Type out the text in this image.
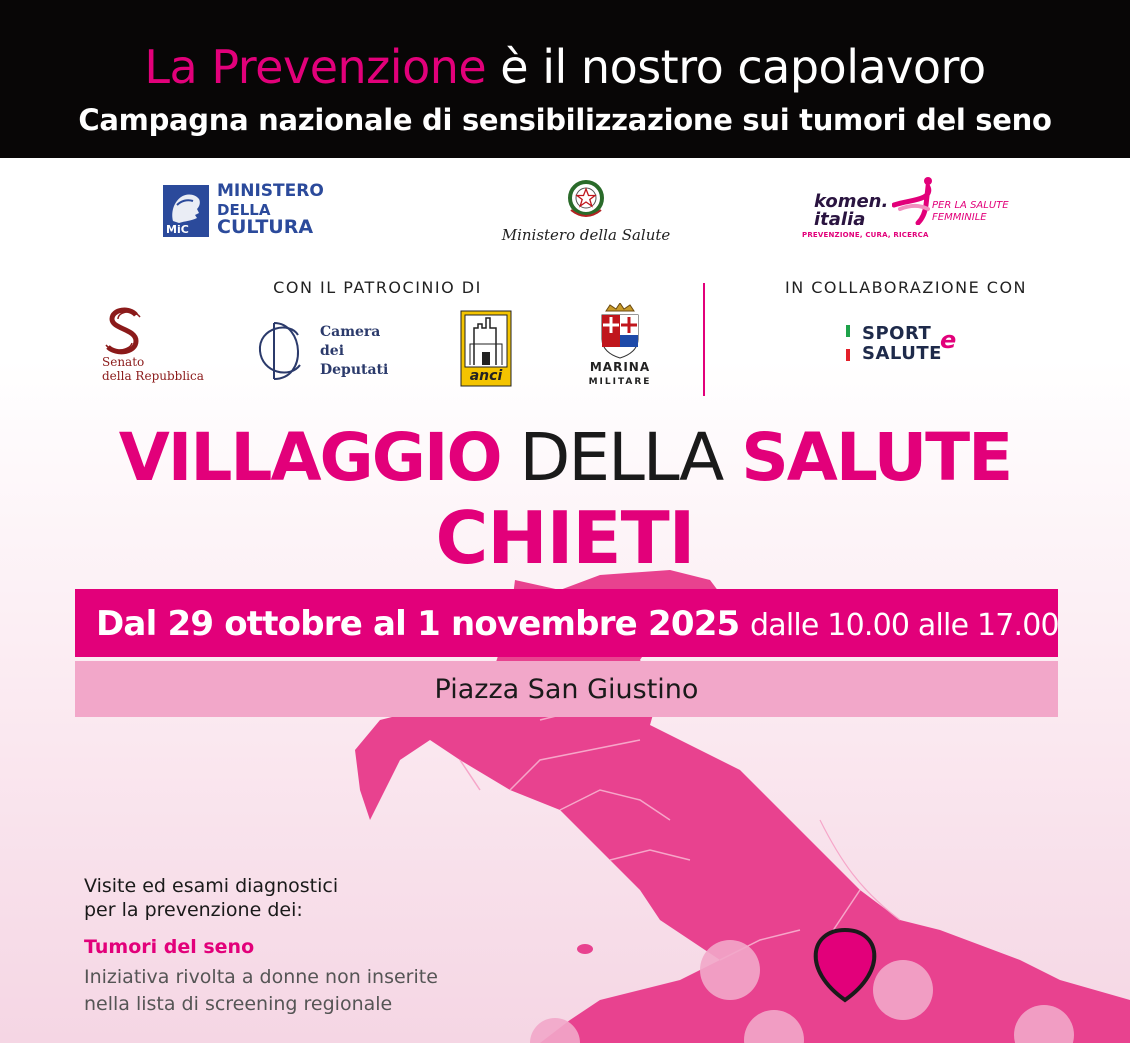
La Prevenzione è il nostro capolavoro
Campagna nazionale di sensibilizzazione sui tumori del seno
MiC
MINISTERO
DELLA
CULTURA	Ministero della Salute
komen.
italia
PER LA SALUTE
FEMMINILE
PREVENZIONE, CURA, RICERCA
CON IL PATROCINIO DI	IN COLLABORAZIONE CON
Senato
della Repubblica
Camera
dei
Deputati	anci
MARINA
MILITARE
SPORT
SALUTE
e
VILLAGGIO DELLA SALUTE
CHIETI
Dal 29 ottobre al 1 novembre 2025 dalle 10.00 alle 17.00
Piazza San Giustino
Visite ed esami diagnostici
per la prevenzione dei:
Tumori del seno
Iniziativa rivolta a donne non inserite
nella lista di screening regionale
